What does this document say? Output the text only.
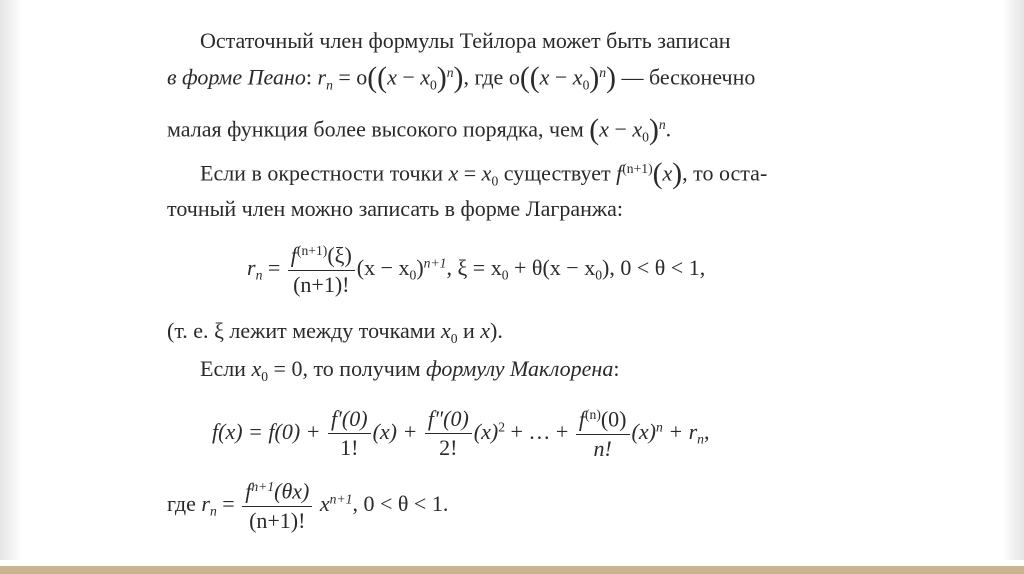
Остаточный член формулы Тейлора может быть записан
в форме Пеано: $r_n = o((x - x_0)^n)$, где $o((x - x_0)^n)$ — бесконечно
малая функция более высокого порядка, чем $(x - x_0)^n$.
Если в окрестности точки $x = x_0$ существует $f^{(n+1)}(x)$, то оста-
точный член можно записать в форме Лагранжа:
$r_n = \frac{f^{(n+1)}(\xi)}{(n+1)!} (x - x_0)^{n+1}$, $\xi = x_0 + \theta(x - x_0)$, 0 < θ < 1,
(т. е. ξ лежит между точками $x_0$ и x).
Если $x_0 = 0$, то получим формулу Маклорена:
$f(x) = f(0) + \frac{f'(0)}{1!} (x) + \frac{f''(0)}{2!} (x)^2$ + … + $\frac{f^{(n)}(0)}{n!} (x)^n + r_n$,
где $r_n = \frac{f^{n+1}(\theta x)}{(n+1)!} x^{n+1}$, 0 < θ < 1.
